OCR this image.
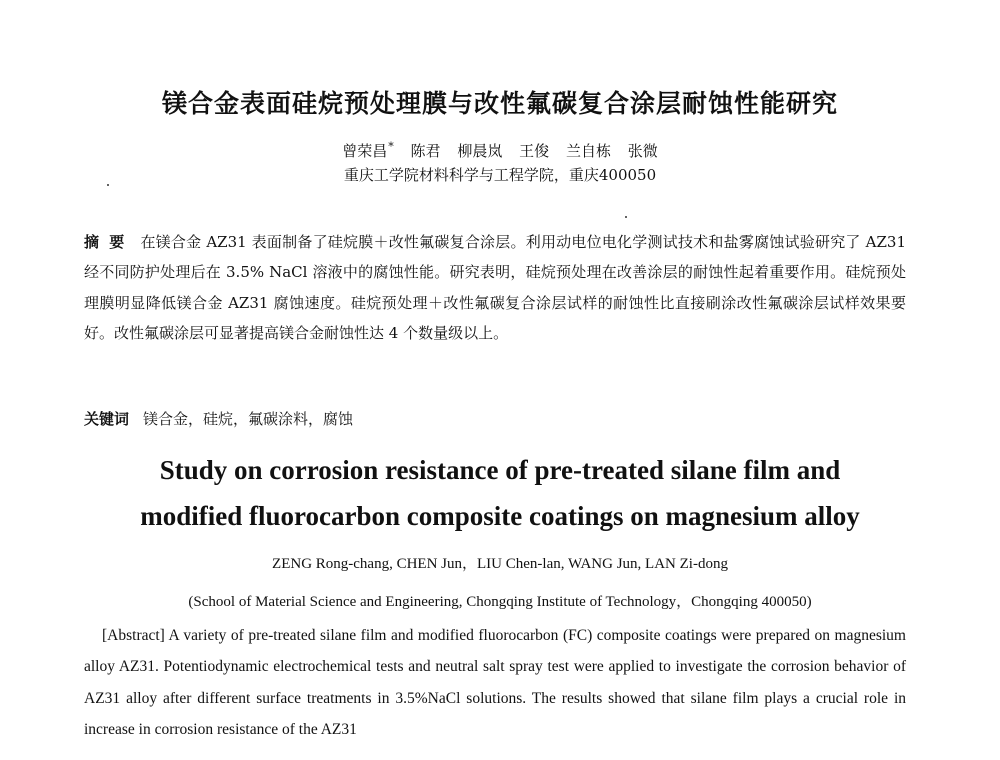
镁合金表面硅烷预处理膜与改性氟碳复合涂层耐蚀性能研究
曾荣昌* 陈君 柳晨岚 王俊 兰自栋 张微
重庆工学院材料科学与工程学院，重庆400050
摘要 在镁合金 AZ31 表面制备了硅烷膜＋改性氟碳复合涂层。利用动电位电化学测试技术和盐雾腐蚀试验研究了 AZ31 经不同防护处理后在 3.5% NaCl 溶液中的腐蚀性能。研究表明，硅烷预处理在改善涂层的耐蚀性起着重要作用。硅烷预处理膜明显降低镁合金 AZ31 腐蚀速度。硅烷预处理＋改性氟碳复合涂层试样的耐蚀性比直接刷涂改性氟碳涂层试样效果要好。改性氟碳涂层可显著提高镁合金耐蚀性达 4 个数量级以上。
关键词 镁合金，硅烷，氟碳涂料，腐蚀
Study on corrosion resistance of pre-treated silane film and
modified fluorocarbon composite coatings on magnesium alloy
ZENG Rong-chang, CHEN Jun，LIU Chen-lan, WANG Jun, LAN Zi-dong
(School of Material Science and Engineering, Chongqing Institute of Technology，Chongqing 400050)
[Abstract] A variety of pre-treated silane film and modified fluorocarbon (FC) composite coatings were prepared on magnesium alloy AZ31. Potentiodynamic electrochemical tests and neutral salt spray test were applied to investigate the corrosion behavior of AZ31 alloy after different surface treatments in 3.5%NaCl solutions. The results showed that silane film plays a crucial role in increase in corrosion resistance of the AZ31
